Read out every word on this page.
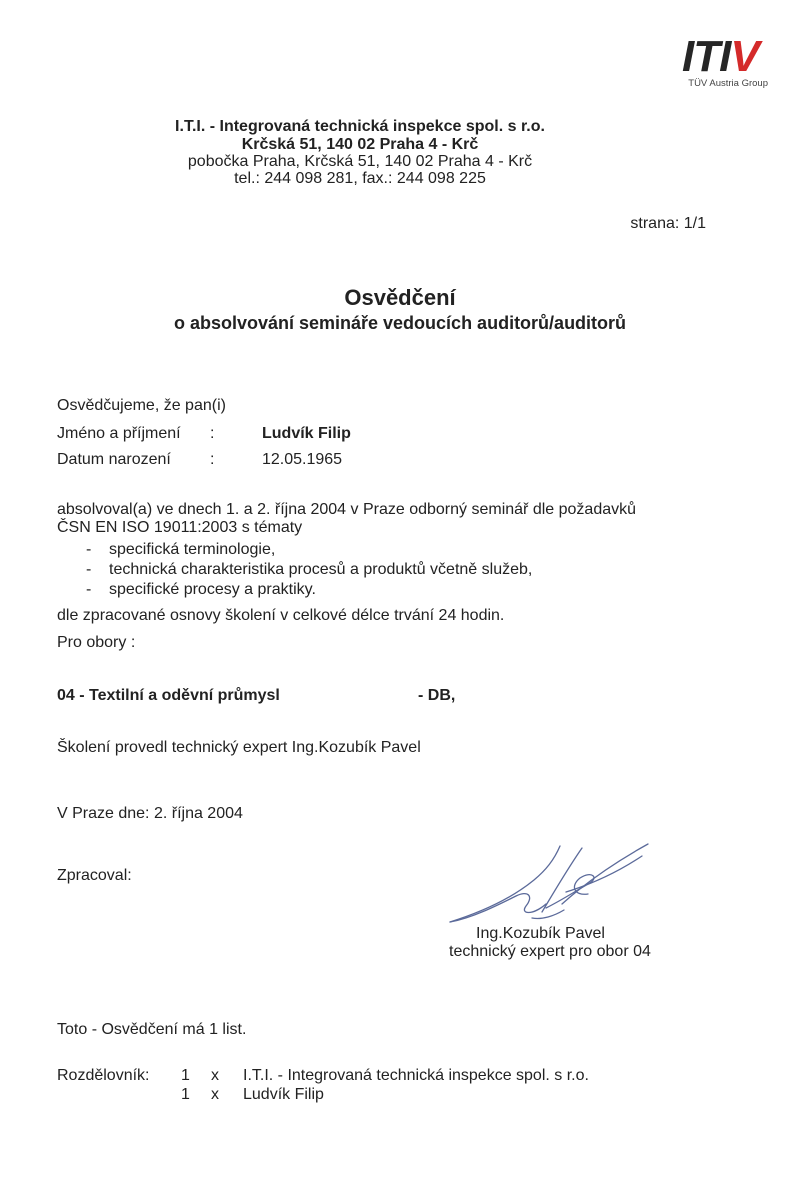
ITIV
TÜV Austria Group
I.T.I. - Integrovaná technická inspekce spol. s r.o.
Krčská 51, 140 02 Praha 4 - Krč
pobočka Praha, Krčská 51, 140 02 Praha 4 - Krč
tel.: 244 098 281, fax.: 244 098 225
strana: 1/1
Osvědčení
o absolvování semináře vedoucích auditorů/auditorů
Osvědčujeme, že pan(i)
Jméno a příjmení :	Ludvík Filip
Datum narození :	12.05.1965
absolvoval(a) ve dnech 1. a 2. října 2004 v Praze odborný seminář dle požadavků
ČSN EN ISO 19011:2003 s tématy
- specifická terminologie,
- technická charakteristika procesů a produktů včetně služeb,
- specifické procesy a praktiky.
dle zpracované osnovy školení v celkové délce trvání 24 hodin.
Pro obory :
04 - Textilní a oděvní průmysl	- DB,
Školení provedl technický expert Ing.Kozubík Pavel
V Praze dne: 2. října 2004
Zpracoval:
Ing.Kozubík Pavel
technický expert pro obor 04
Toto - Osvědčení má 1 list.
Rozdělovník: 1 x I.T.I. - Integrovaná technická inspekce spol. s r.o.
1 x Ludvík Filip
